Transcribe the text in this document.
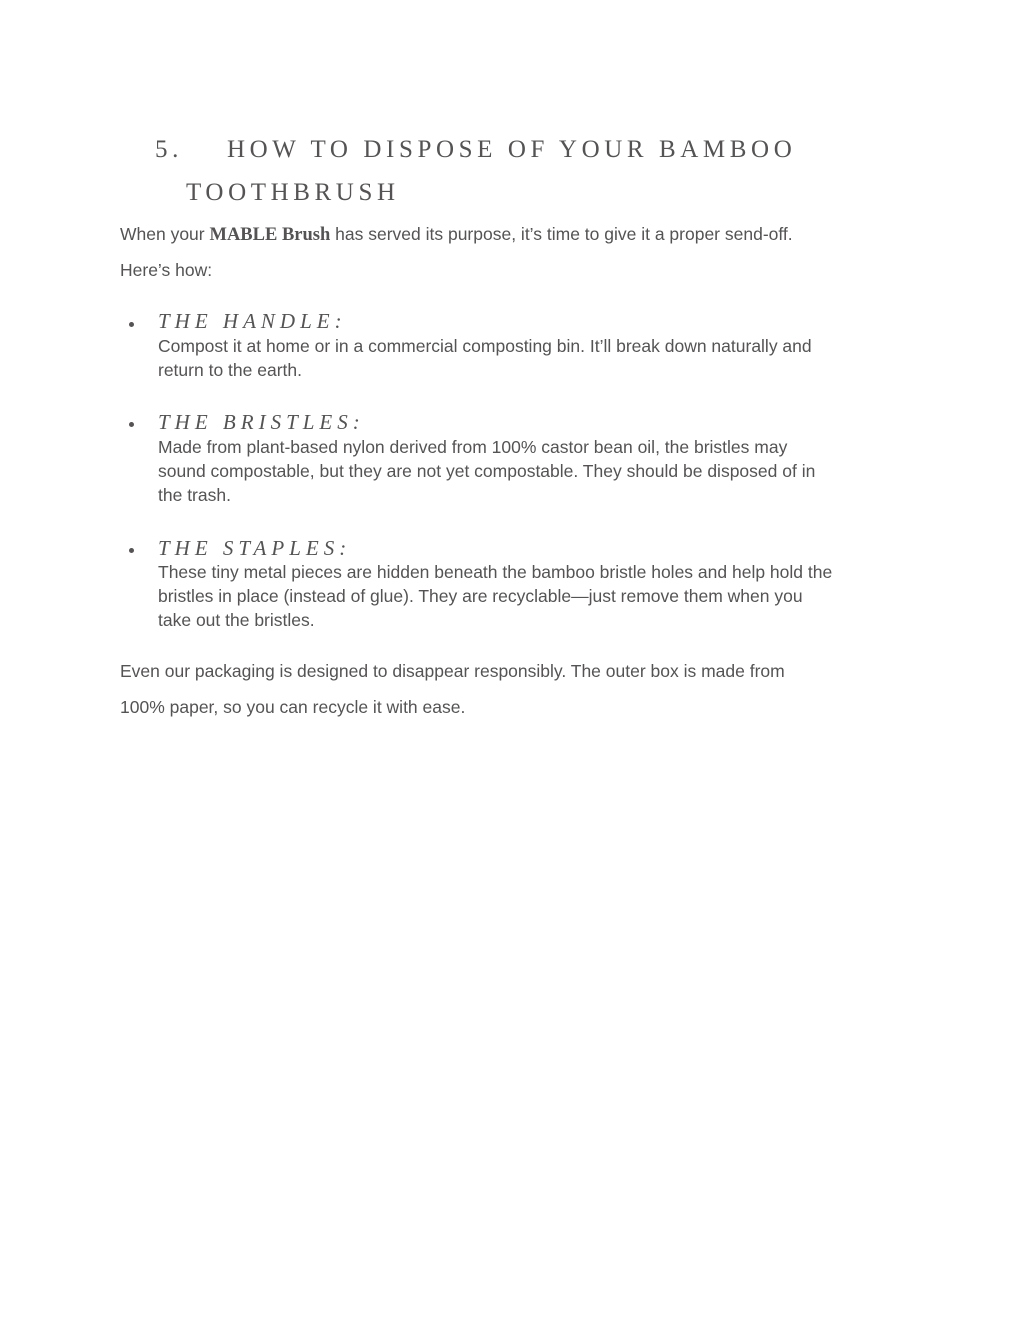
5. HOW TO DISPOSE OF YOUR BAMBOO
TOOTHBRUSH
When your MABLE Brush has served its purpose, it’s time to give it a proper send-off.
Here’s how:
THE HANDLE:
Compost it at home or in a commercial composting bin. It’ll break down naturally and
return to the earth.
THE BRISTLES:
Made from plant-based nylon derived from 100% castor bean oil, the bristles may
sound compostable, but they are not yet compostable. They should be disposed of in
the trash.
THE STAPLES:
These tiny metal pieces are hidden beneath the bamboo bristle holes and help hold the
bristles in place (instead of glue). They are recyclable—just remove them when you
take out the bristles.
Even our packaging is designed to disappear responsibly. The outer box is made from
100% paper, so you can recycle it with ease.
